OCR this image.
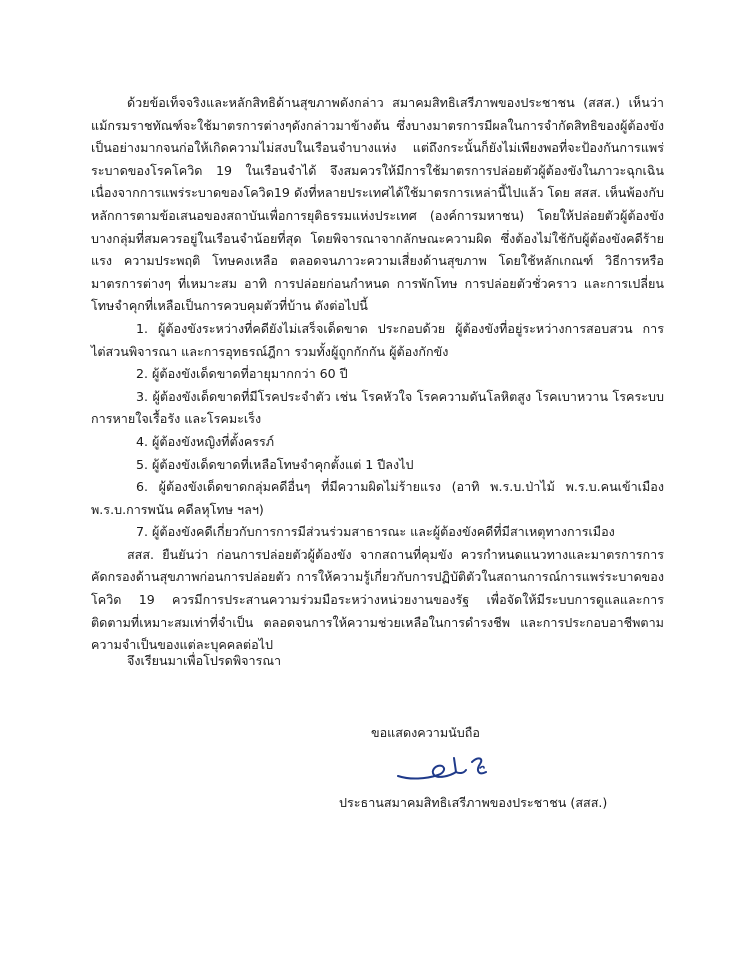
ด้วยข้อเท็จจริงและหลักสิทธิด้านสุขภาพดังกล่าว สมาคมสิทธิเสรีภาพของประชาชน (สสส.) เห็นว่า แม้กรมราชทัณฑ์จะใช้มาตรการต่างๆดังกล่าวมาข้างต้น ซึ่งบางมาตรการมีผลในการจำกัดสิทธิของผู้ต้องขังเป็นอย่างมากจนก่อให้เกิดความไม่สงบในเรือนจำบางแห่ง แต่ถึงกระนั้นก็ยังไม่เพียงพอที่จะป้องกันการแพร่ระบาดของโรคโควิด 19 ในเรือนจำได้ จึงสมควรให้มีการใช้มาตรการปล่อยตัวผู้ต้องขังในภาวะฉุกเฉินเนื่องจากการแพร่ระบาดของโควิด19 ดังที่หลายประเทศได้ใช้มาตรการเหล่านี้ไปแล้ว โดย สสส. เห็นพ้องกับหลักการตามข้อเสนอของสถาบันเพื่อการยุติธรรมแห่งประเทศ (องค์การมหาชน) โดยให้ปล่อยตัวผู้ต้องขังบางกลุ่มที่สมควรอยู่ในเรือนจำน้อยที่สุด โดยพิจารณาจากลักษณะความผิด ซึ่งต้องไม่ใช้กับผู้ต้องขังคดีร้ายแรง ความประพฤติ โทษคงเหลือ ตลอดจนภาวะความเสี่ยงด้านสุขภาพ โดยใช้หลักเกณฑ์ วิธีการหรือมาตรการต่างๆ ที่เหมาะสม อาทิ การปล่อยก่อนกำหนด การพักโทษ การปล่อยตัวชั่วคราว และการเปลี่ยนโทษจำคุกที่เหลือเป็นการควบคุมตัวที่บ้าน ดังต่อไปนี้

1. ผู้ต้องขังระหว่างที่คดียังไม่เสร็จเด็ดขาด ประกอบด้วย ผู้ต้องขังที่อยู่ระหว่างการสอบสวน การไต่สวนพิจารณา และการอุทธรณ์ฎีกา รวมทั้งผู้ถูกกักกัน ผู้ต้องกักขัง

2. ผู้ต้องขังเด็ดขาดที่อายุมากกว่า 60 ปี

3. ผู้ต้องขังเด็ดขาดที่มีโรคประจำตัว เช่น โรคหัวใจ โรคความดันโลหิตสูง โรคเบาหวาน โรคระบบการหายใจเรื้อรัง และโรคมะเร็ง

4. ผู้ต้องขังหญิงที่ตั้งครรภ์

5. ผู้ต้องขังเด็ดขาดที่เหลือโทษจำคุกตั้งแต่ 1 ปีลงไป

6. ผู้ต้องขังเด็ดขาดกลุ่มคดีอื่นๆ ที่มีความผิดไม่ร้ายแรง (อาทิ พ.ร.บ.ป่าไม้ พ.ร.บ.คนเข้าเมือง พ.ร.บ.การพนัน คดีลหุโทษ ฯลฯ)

7. ผู้ต้องขังคดีเกี่ยวกับการการมีส่วนร่วมสาธารณะ และผู้ต้องขังคดีที่มีสาเหตุทางการเมือง

สสส. ยืนยันว่า ก่อนการปล่อยตัวผู้ต้องขัง จากสถานที่คุมขัง ควรกำหนดแนวทางและมาตรการการคัดกรองด้านสุขภาพก่อนการปล่อยตัว การให้ความรู้เกี่ยวกับการปฏิบัติตัวในสถานการณ์การแพร่ระบาดของโควิด 19 ควรมีการประสานความร่วมมือระหว่างหน่วยงานของรัฐ เพื่อจัดให้มีระบบการดูแลและการติดตามที่เหมาะสมเท่าที่จำเป็น ตลอดจนการให้ความช่วยเหลือในการดำรงชีพ และการประกอบอาชีพตามความจำเป็นของแต่ละบุคคลต่อไป

จึงเรียนมาเพื่อโปรดพิจารณา
ขอแสดงความนับถือ
ประธานสมาคมสิทธิเสรีภาพของประชาชน (สสส.)
